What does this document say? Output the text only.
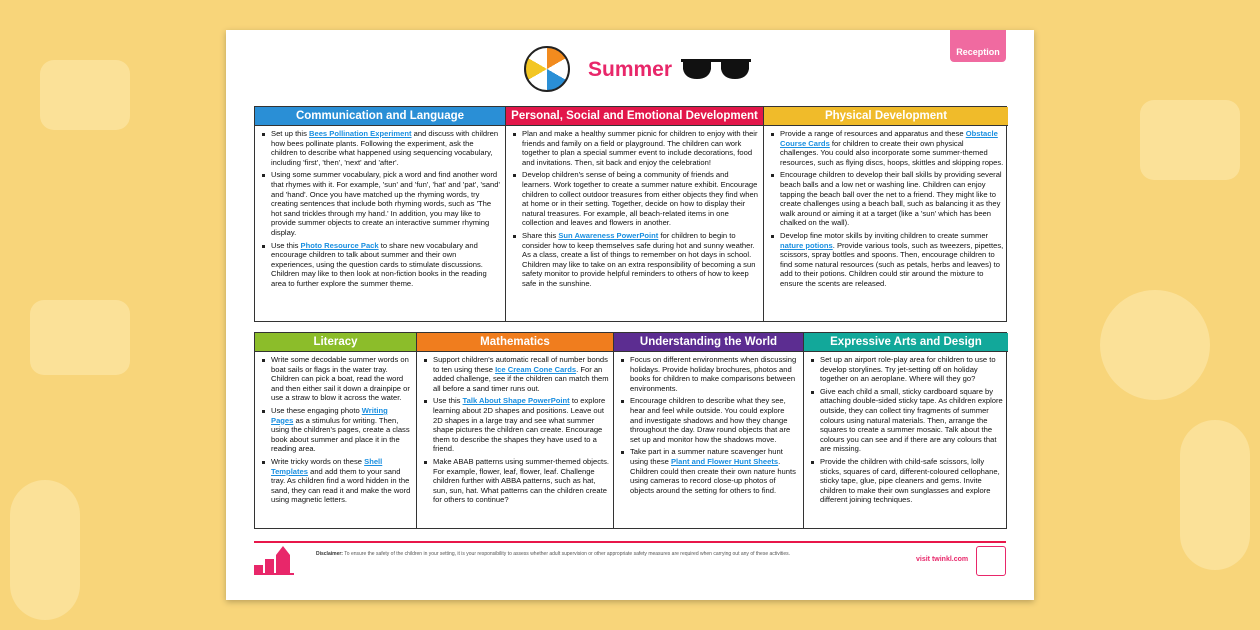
Reception
Summer
Communication and Language
Set up this Bees Pollination Experiment and discuss with children how bees pollinate plants. Following the experiment, ask the children to describe what happened using sequencing vocabulary, including 'first', 'then', 'next' and 'after'.
Using some summer vocabulary, pick a word and find another word that rhymes with it. For example, 'sun' and 'fun', 'hat' and 'pat', 'sand' and 'hand'. Once you have matched up the rhyming words, try creating sentences that include both rhyming words, such as 'The hot sand trickles through my hand.' In addition, you may like to provide summer objects to create an interactive summer rhyming display.
Use this Photo Resource Pack to share new vocabulary and encourage children to talk about summer and their own experiences, using the question cards to stimulate discussions. Children may like to then look at non-fiction books in the reading area to further explore the summer theme.
Personal, Social and Emotional Development
Plan and make a healthy summer picnic for children to enjoy with their friends and family on a field or playground. The children can work together to plan a special summer event to include decorations, food and invitations. Then, sit back and enjoy the celebration!
Develop children's sense of being a community of friends and learners. Work together to create a summer nature exhibit. Encourage children to collect outdoor treasures from either objects they find when at home or in their setting. Together, decide on how to display their natural treasures. For example, all beach-related items in one collection and leaves and flowers in another.
Share this Sun Awareness PowerPoint for children to begin to consider how to keep themselves safe during hot and sunny weather. As a class, create a list of things to remember on hot days in school. Children may like to take on an extra responsibility of becoming a sun safety monitor to provide helpful reminders to others of how to keep safe in the sunshine.
Physical Development
Provide a range of resources and apparatus and these Obstacle Course Cards for children to create their own physical challenges. You could also incorporate some summer-themed resources, such as flying discs, hoops, skittles and skipping ropes.
Encourage children to develop their ball skills by providing several beach balls and a low net or washing line. Children can enjoy tapping the beach ball over the net to a friend. They might like to create challenges using a beach ball, such as balancing it as they walk around or aiming it at a target (like a 'sun' which has been chalked on the wall).
Develop fine motor skills by inviting children to create summer nature potions. Provide various tools, such as tweezers, pipettes, scissors, spray bottles and spoons. Then, encourage children to find some natural resources (such as petals, herbs and leaves) to add to their potions. Children could stir around the mixture to ensure the scents are released.
Literacy
Write some decodable summer words on boat sails or flags in the water tray. Children can pick a boat, read the word and then either sail it down a drainpipe or use a straw to blow it across the water.
Use these engaging photo Writing Pages as a stimulus for writing. Then, using the children's pages, create a class book about summer and place it in the reading area.
Write tricky words on these Shell Templates and add them to your sand tray. As children find a word hidden in the sand, they can read it and make the word using magnetic letters.
Mathematics
Support children's automatic recall of number bonds to ten using these Ice Cream Cone Cards. For an added challenge, see if the children can match them all before a sand timer runs out.
Use this Talk About Shape PowerPoint to explore learning about 2D shapes and positions. Leave out 2D shapes in a large tray and see what summer shape pictures the children can create. Encourage them to describe the shapes they have used to a friend.
Make ABAB patterns using summer-themed objects. For example, flower, leaf, flower, leaf. Challenge children further with ABBA patterns, such as hat, sun, sun, hat. What patterns can the children create for others to continue?
Understanding the World
Focus on different environments when discussing holidays. Provide holiday brochures, photos and books for children to make comparisons between environments.
Encourage children to describe what they see, hear and feel while outside. You could explore and investigate shadows and how they change throughout the day. Draw round objects that are set up and monitor how the shadows move.
Take part in a summer nature scavenger hunt using these Plant and Flower Hunt Sheets. Children could then create their own nature hunts using cameras to record close-up photos of objects around the setting for others to find.
Expressive Arts and Design
Set up an airport role-play area for children to use to develop storylines. Try jet-setting off on holiday together on an aeroplane. Where will they go?
Give each child a small, sticky cardboard square by attaching double-sided sticky tape. As children explore outside, they can collect tiny fragments of summer colours using natural materials. Then, arrange the squares to create a summer mosaic. Talk about the colours you can see and if there are any colours that are missing.
Provide the children with child-safe scissors, lolly sticks, squares of card, different-coloured cellophane, sticky tape, glue, pipe cleaners and gems. Invite children to make their own sunglasses and explore different joining techniques.
Disclaimer: To ensure the safety of the children in your setting, it is your responsibility to assess whether adult supervision or other appropriate safety measures are required when carrying out any of these activities.
visit twinkl.com
